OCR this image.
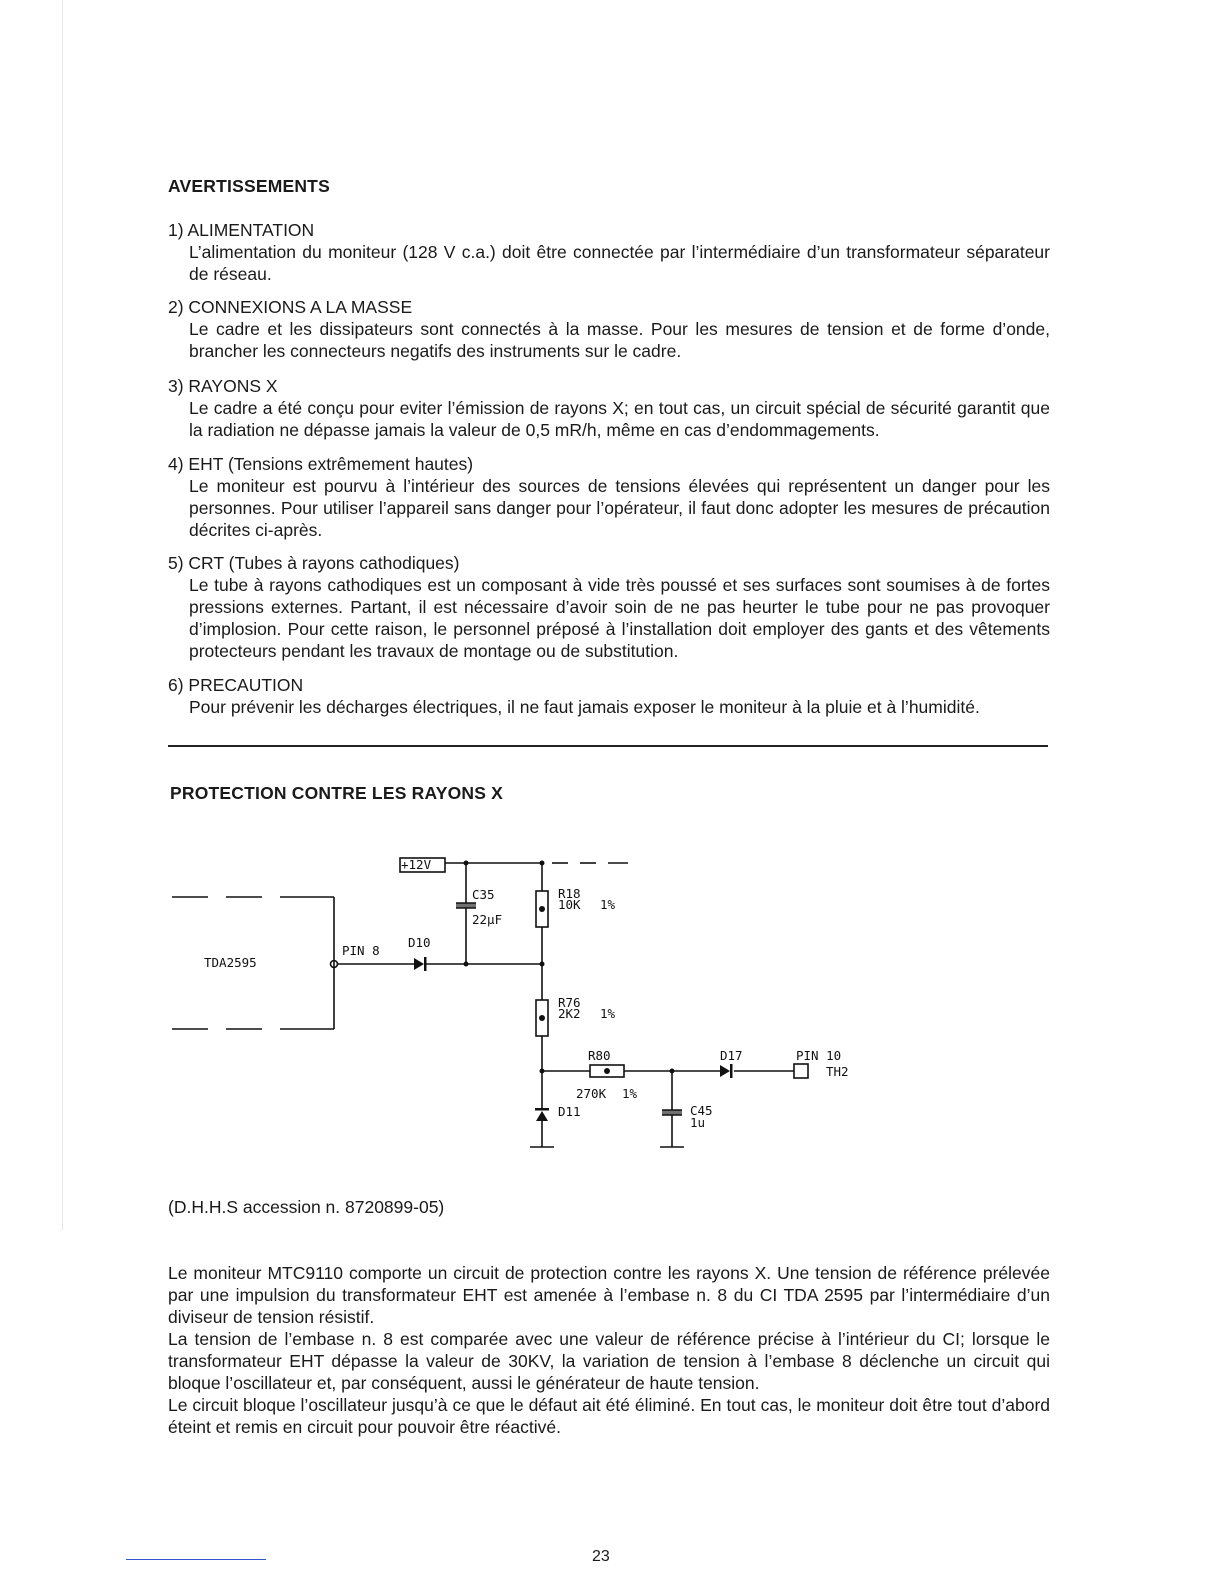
AVERTISSEMENTS
1) ALIMENTATION
L’alimentation du moniteur (128 V c.a.) doit être connectée par l’intermédiaire d’un transformateur séparateur de réseau.
2) CONNEXIONS A LA MASSE
Le cadre et les dissipateurs sont connectés à la masse. Pour les mesures de tension et de forme d’onde, brancher les connecteurs negatifs des instruments sur le cadre.
3) RAYONS X
Le cadre a été conçu pour eviter l’émission de rayons X; en tout cas, un circuit spécial de sécurité garantit que la radiation ne dépasse jamais la valeur de 0,5 mR/h, même en cas d’endommagements.
4) EHT (Tensions extrêmement hautes)
Le moniteur est pourvu à l’intérieur des sources de tensions élevées qui représentent un danger pour les personnes. Pour utiliser l’appareil sans danger pour l’opérateur, il faut donc adopter les mesures de précaution décrites ci-après.
5) CRT (Tubes à rayons cathodiques)
Le tube à rayons cathodiques est un composant à vide très poussé et ses surfaces sont soumises à de fortes pressions externes. Partant, il est nécessaire d’avoir soin de ne pas heurter le tube pour ne pas provoquer d’implosion. Pour cette raison, le personnel préposé à l’installation doit employer des gants et des vêtements protecteurs pendant les travaux de montage ou de substitution.
6) PRECAUTION
Pour prévenir les décharges électriques, il ne faut jamais exposer le moniteur à la pluie et à l’humidité.
PROTECTION CONTRE LES RAYONS X
+12V
TDA2595
PIN 8
D10
C35
22µF
R18
10K 1%
R76
2K2 1%
R80
270K 1%
D11
D17
C45
1u
PIN 10
TH2
(D.H.H.S accession n. 8720899-05)

Le moniteur MTC9110 comporte un circuit de protection contre les rayons X. Une tension de référence prélevée par une impulsion du transformateur EHT est amenée à l’embase n. 8 du CI TDA 2595 par l’intermédiaire d’un diviseur de tension résistif.

La tension de l’embase n. 8 est comparée avec une valeur de référence précise à l’intérieur du CI; lorsque le transformateur EHT dépasse la valeur de 30KV, la variation de tension à l’embase 8 déclenche un circuit qui bloque l’oscillateur et, par conséquent, aussi le générateur de haute tension.

Le circuit bloque l’oscillateur jusqu’à ce que le défaut ait été éliminé. En tout cas, le moniteur doit être tout d’abord éteint et remis en circuit pour pouvoir être réactivé.

23
